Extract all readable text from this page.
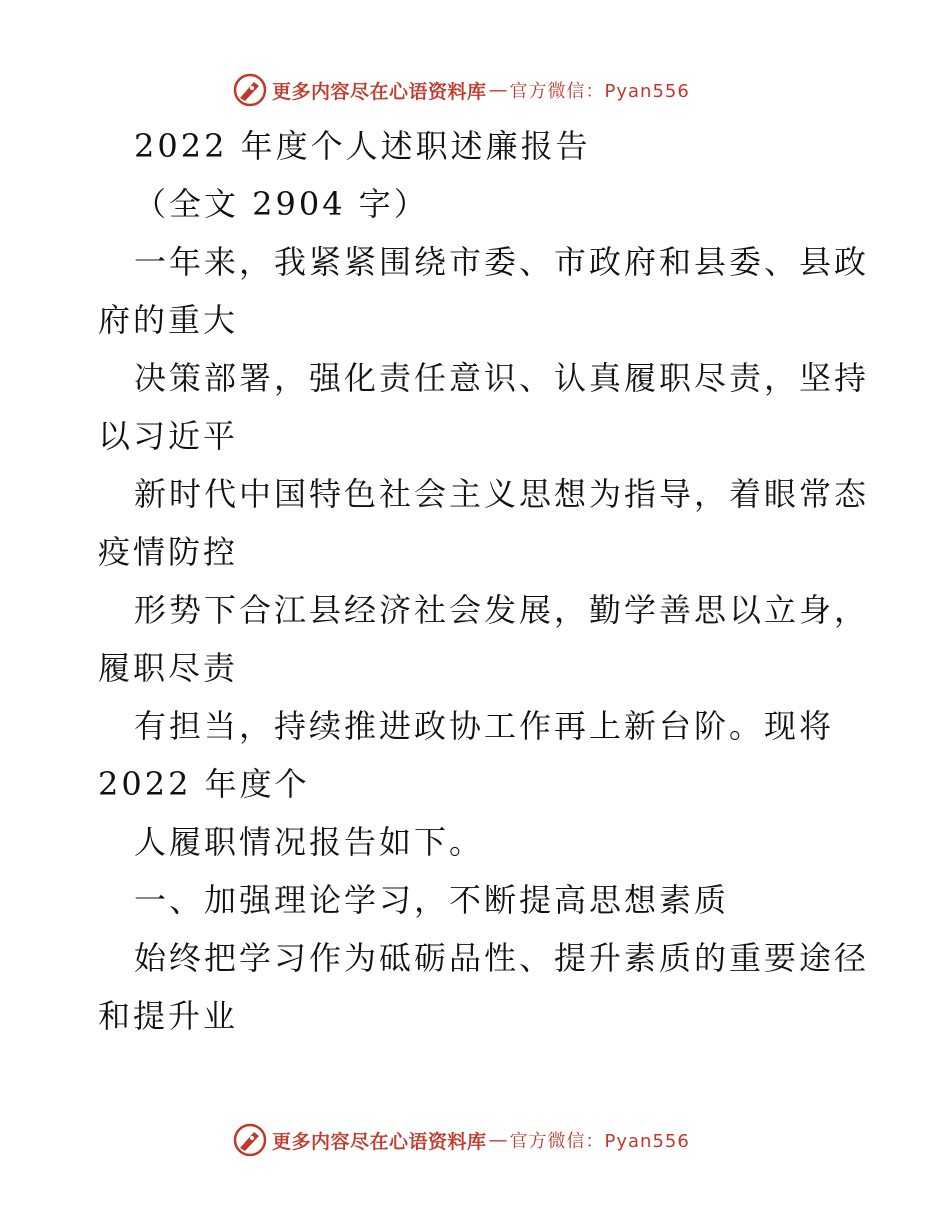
更多内容尽在心语资料库 — 官方微信：Pyan556
2022 年度个人述职述廉报告
（全文 2904 字）
一年来，我紧紧围绕市委、市政府和县委、县政
府的重大
决策部署，强化责任意识、认真履职尽责，坚持
以习近平
新时代中国特色社会主义思想为指导，着眼常态
疫情防控
形势下合江县经济社会发展，勤学善思以立身，
履职尽责
有担当，持续推进政协工作再上新台阶。现将
2022 年度个
人履职情况报告如下。
一、加强理论学习，不断提高思想素质
始终把学习作为砥砺品性、提升素质的重要途径
和提升业
更多内容尽在心语资料库 — 官方微信：Pyan556
